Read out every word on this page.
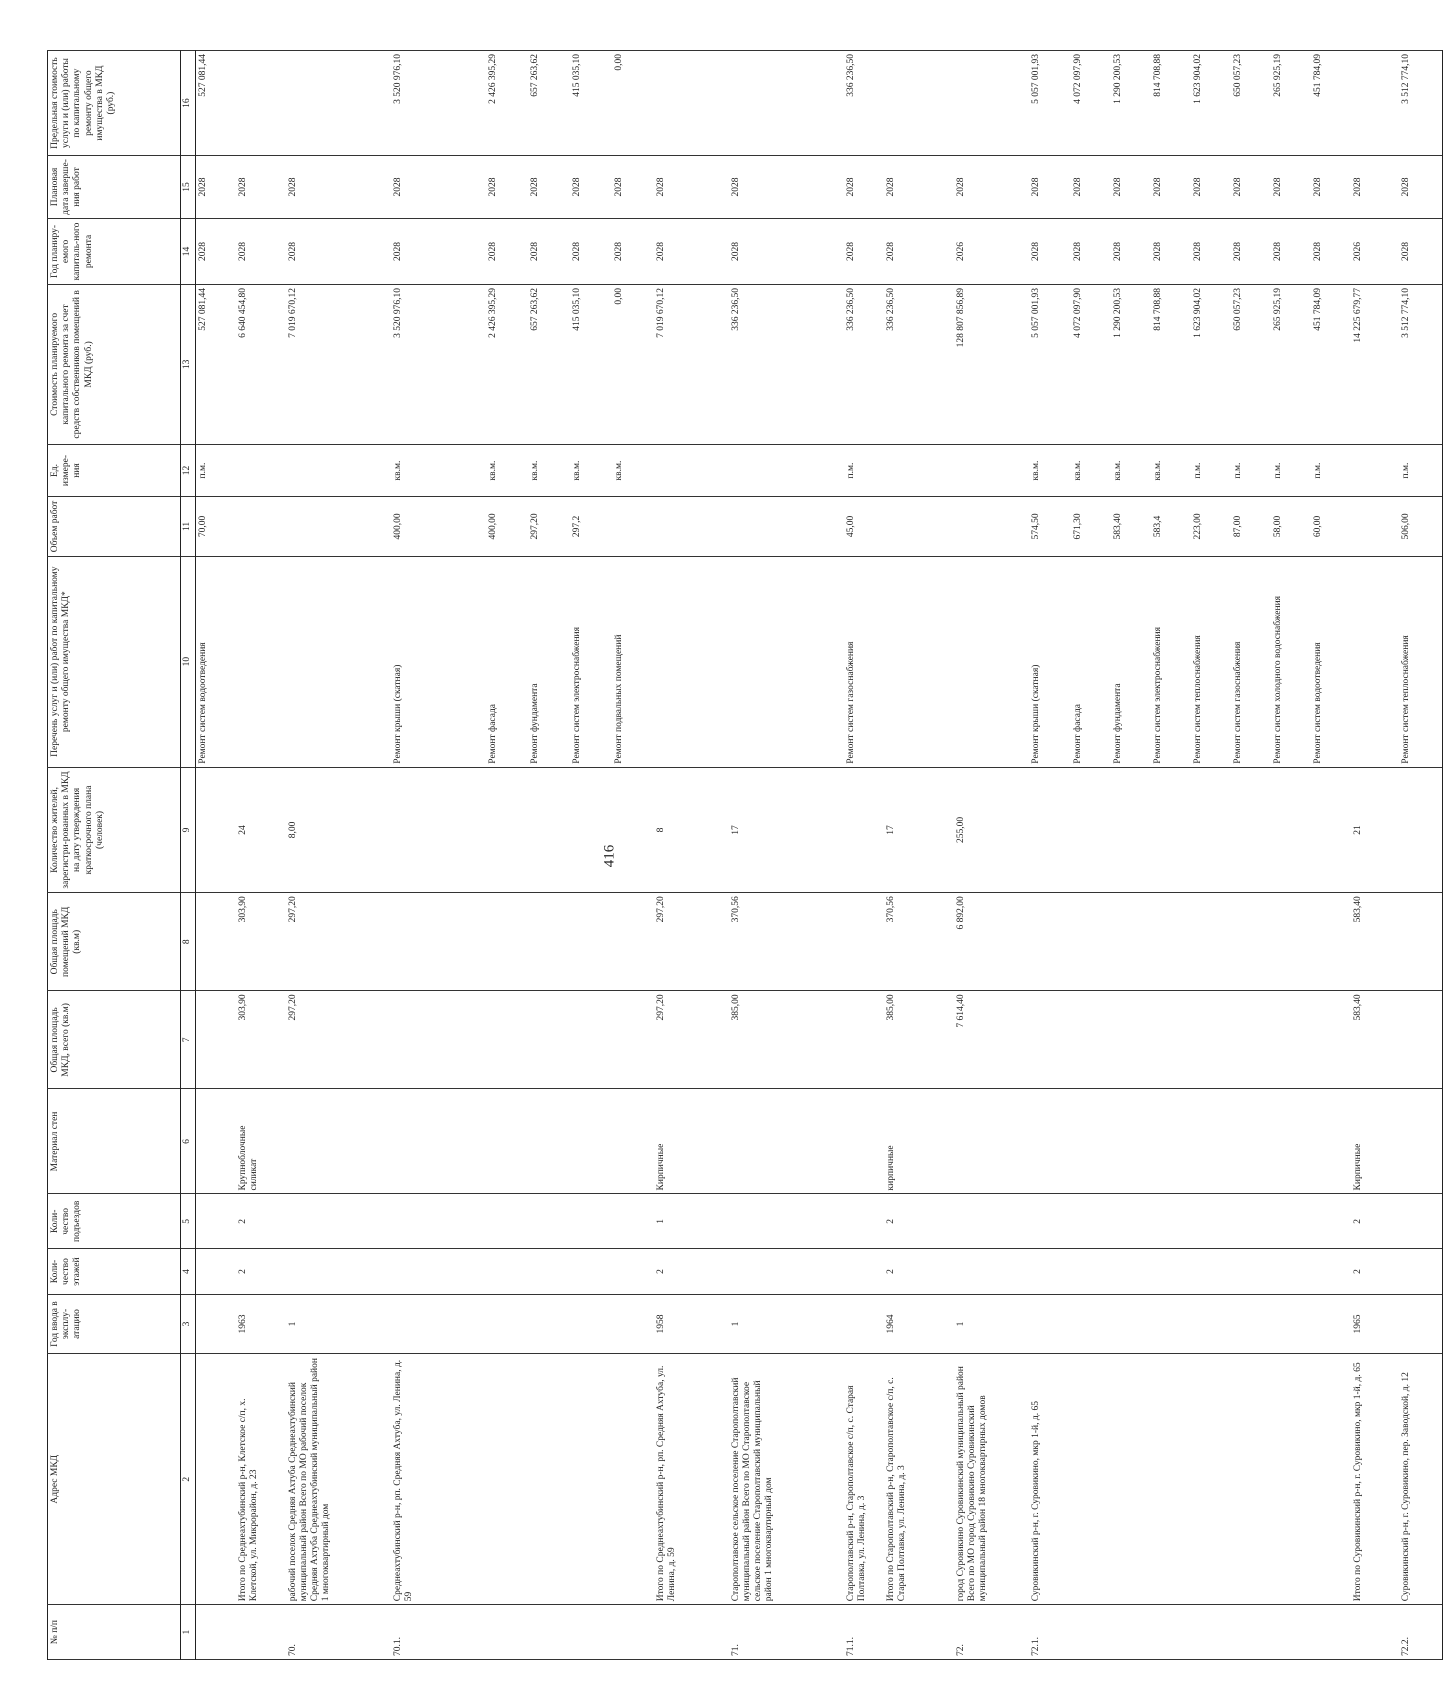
416
№ п/п	Адрес МКД	Год ввода в эксплу-атацию	Коли-чество этажей	Коли-чество подъездов	Материал стен	Общая площадь МКД, всего (кв.м)	Общая площадь помещений МКД (кв.м)	Количество жителей, зарегистри-рованных в МКД на дату утверждения краткосрочного плана (человек)	Перечень услуг и (или) работ по капитальному ремонту общего имущества МКД*	Объем работ	Ед. измере-ния	Стоимость планируемого капитального ремонта за счет средств собственников помещений в МКД (руб.)	Год планиру-емого капиталь-ного ремонта	Плановая дата заверше-ния работ	Предельная стоимость услуги и (или) работы по капитальному ремонту общего имущества в МКД (руб.)
1	2	3	4	5	6	7	8	9	10	11	12	13	14	15	16
									Ремонт систем водоотведения	70,00	п.м.	527 081,44	2028	2028	527 081,44
	Итого по Среднеахтубинский р-н, Клетское с/п, х. Клетской, ул. Микрорайон, д. 23	1963	2	2	Крупноблочные силикат	303,90	303,90	24				6 640 454,80	2028	2028	
70.	рабочий поселок Средняя Ахтуба Среднеахтубинский муниципальный район Всего по МО рабочий поселок Средняя Ахтуба Среднеахтубинский муниципальный район 1 многоквартирный дом	1				297,20	297,20	8,00				7 019 670,12	2028	2028	
70.1.	Среднеахтубинский р-н, рп. Средняя Ахтуба, ул. Ленина, д. 59								Ремонт крыши (скатная)	400,00	кв.м.	3 520 976,10	2028	2028	3 520 976,10
									Ремонт фасада	400,00	кв.м.	2 426 395,29	2028	2028	2 426 395,29
									Ремонт фундамента	297,20	кв.м.	657 263,62	2028	2028	657 263,62
									Ремонт систем электроснабжения	297,2	кв.м.	415 035,10	2028	2028	415 035,10
									Ремонт подвальных помещений		кв.м.	0,00	2028	2028	0,00
	Итого по Среднеахтубинский р-н, рп. Средняя Ахтуба, ул. Ленина, д. 59	1958	2	1	Кирпичные	297,20	297,20	8				7 019 670,12	2028	2028	
71.	Старополтавское сельское поселение Старополтавский муниципальный район Всего по МО Старополтавское сельское поселение Старополтавский муниципальный район 1 многоквартирный дом	1				385,00	370,56	17				336 236,50	2028	2028	
71.1.	Старополтавский р-н, Старополтавское с/п, с. Старая Полтавка, ул. Ленина, д. 3								Ремонт систем газоснабжения	45,00	п.м.	336 236,50	2028	2028	336 236,50
	Итого по Старополтавский р-н, Старополтавское с/п, с. Старая Полтавка, ул. Ленина, д. 3	1964	2	2	кирпичные	385,00	370,56	17				336 236,50	2028	2028	
72.	город Суровикино Суровикинский муниципальный район Всего по МО город Суровикино Суровикинский муниципальный район 18 многоквартирных домов	1				7 614,40	6 892,00	255,00				128 807 856,89	2026	2028	
72.1.	Суровикинский р-н, г. Суровикино, мкр 1-й, д. 65								Ремонт крыши (скатная)	574,50	кв.м.	5 057 001,93	2028	2028	5 057 001,93
									Ремонт фасада	671,30	кв.м.	4 072 097,90	2028	2028	4 072 097,90
									Ремонт фундамента	583,40	кв.м.	1 290 200,53	2028	2028	1 290 200,53
									Ремонт систем электроснабжения	583,4	кв.м.	814 708,88	2028	2028	814 708,88
									Ремонт систем теплоснабжения	223,00	п.м.	1 623 904,02	2028	2028	1 623 904,02
									Ремонт систем газоснабжения	87,00	п.м.	650 057,23	2028	2028	650 057,23
									Ремонт систем холодного водоснабжения	58,00	п.м.	265 925,19	2028	2028	265 925,19
									Ремонт систем водоотведения	60,00	п.м.	451 784,09	2028	2028	451 784,09
	Итого по Суровикинский р-н, г. Суровикино, мкр 1-й, д. 65	1965	2	2	Кирпичные	583,40	583,40	21				14 225 679,77	2026	2028	
72.2.	Суровикинский р-н, г. Суровикино, пер. Заводской, д. 12								Ремонт систем теплоснабжения	506,00	п.м.	3 512 774,10	2028	2028	3 512 774,10
